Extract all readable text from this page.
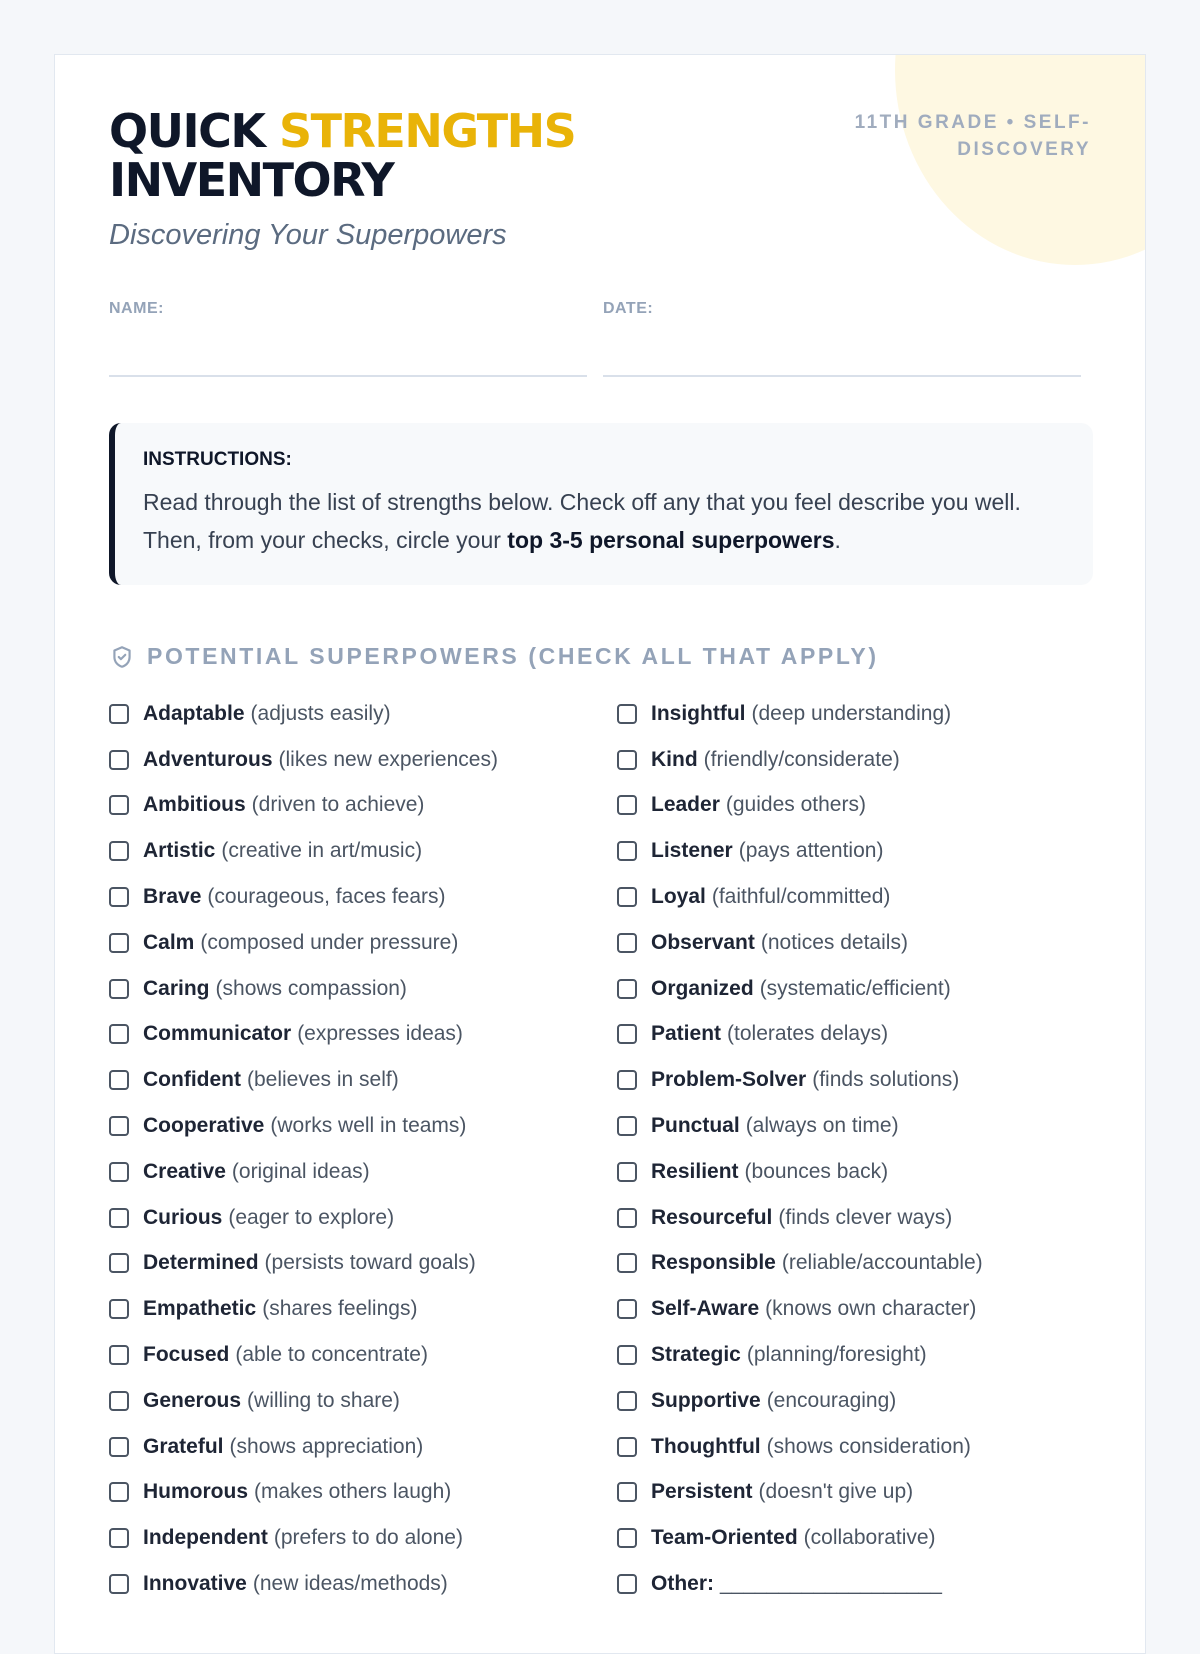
11TH GRADE • SELF-DISCOVERY
QUICK STRENGTHS
INVENTORY

Discovering Your Superpowers

NAME:	DATE:
INSTRUCTIONS:
Read through the list of strengths below. Check off any that you feel describe you well. Then, from your checks, circle your top 3-5 personal superpowers.
POTENTIAL SUPERPOWERS (CHECK ALL THAT APPLY)
Adaptable (adjusts easily)
Adventurous (likes new experiences)
Ambitious (driven to achieve)
Artistic (creative in art/music)
Brave (courageous, faces fears)
Calm (composed under pressure)
Caring (shows compassion)
Communicator (expresses ideas)
Confident (believes in self)
Cooperative (works well in teams)
Creative (original ideas)
Curious (eager to explore)
Determined (persists toward goals)
Empathetic (shares feelings)
Focused (able to concentrate)
Generous (willing to share)
Grateful (shows appreciation)
Humorous (makes others laugh)
Independent (prefers to do alone)
Innovative (new ideas/methods)
Insightful (deep understanding)
Kind (friendly/considerate)
Leader (guides others)
Listener (pays attention)
Loyal (faithful/committed)
Observant (notices details)
Organized (systematic/efficient)
Patient (tolerates delays)
Problem-Solver (finds solutions)
Punctual (always on time)
Resilient (bounces back)
Resourceful (finds clever ways)
Responsible (reliable/accountable)
Self-Aware (knows own character)
Strategic (planning/foresight)
Supportive (encouraging)
Thoughtful (shows consideration)
Persistent (doesn't give up)
Team-Oriented (collaborative)
Other: ___________________
